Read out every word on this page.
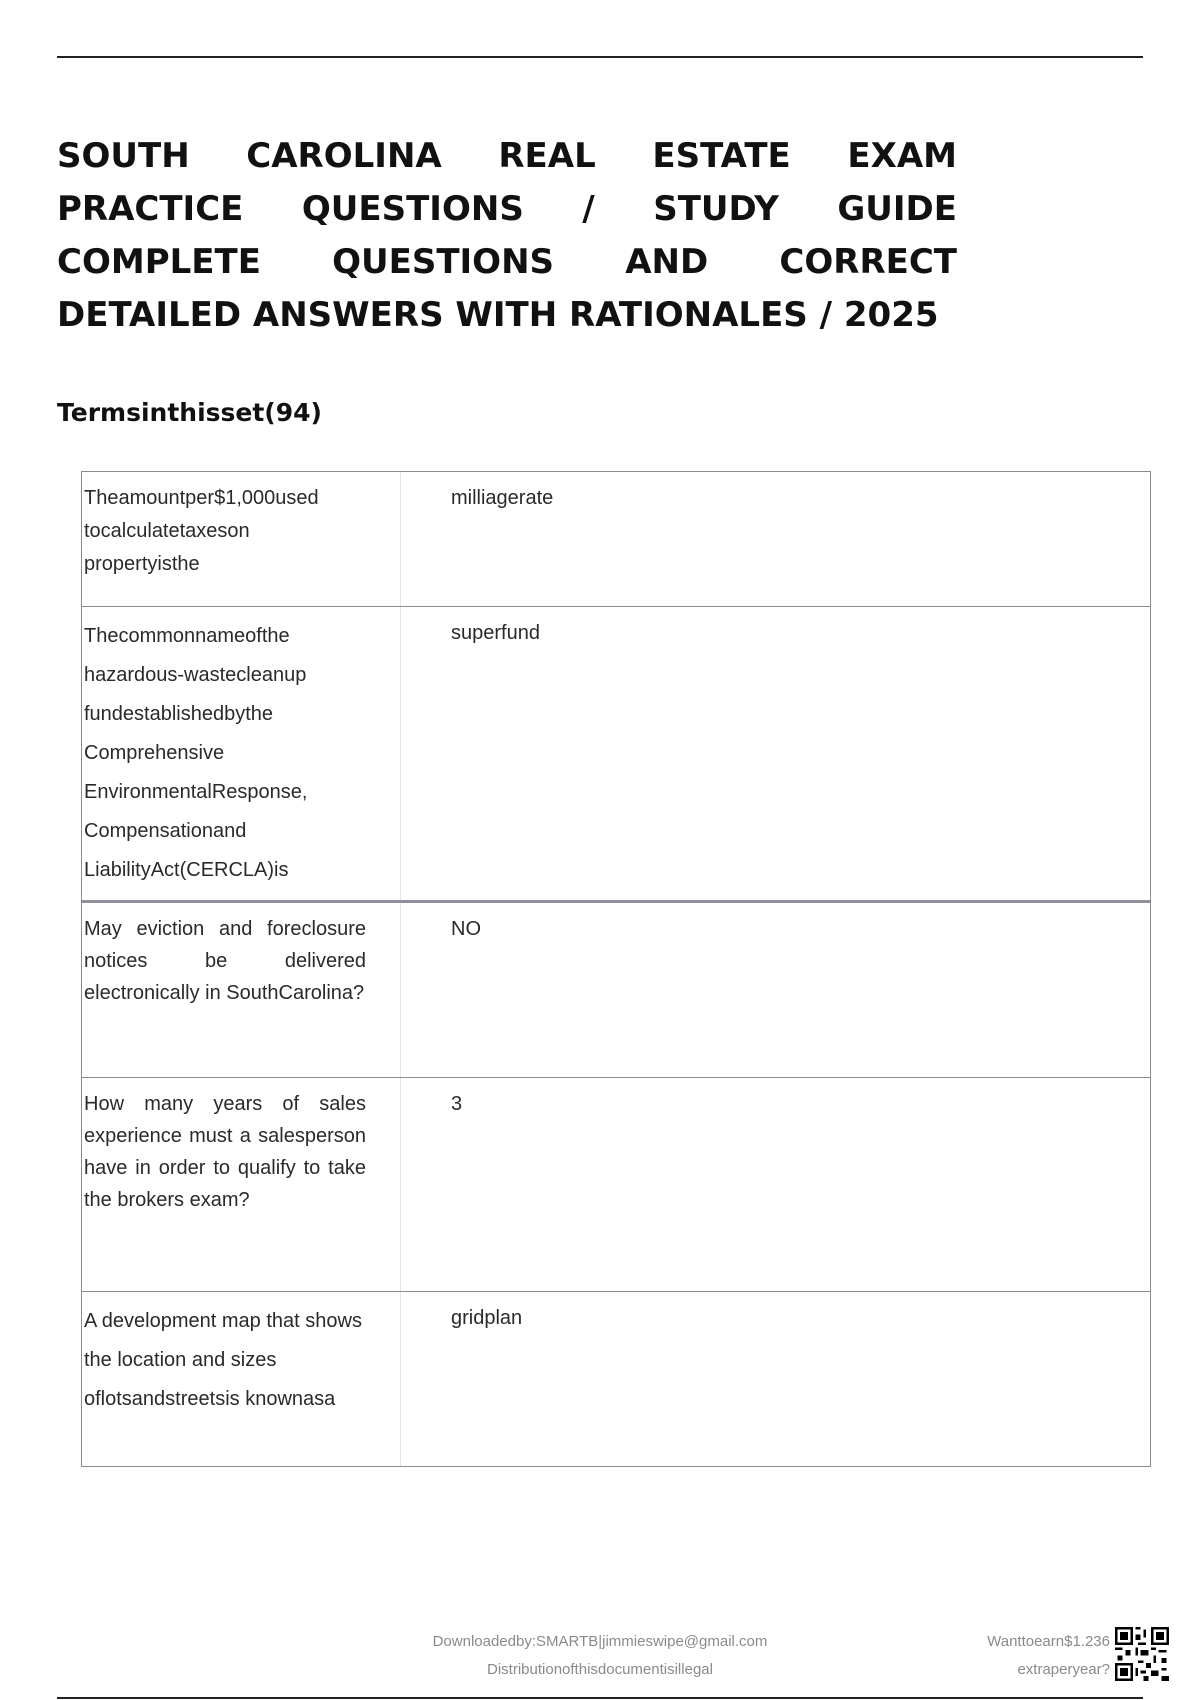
SOUTH CAROLINA REAL ESTATE EXAM PRACTICE QUESTIONS / STUDY GUIDE COMPLETE QUESTIONS AND CORRECT DETAILED ANSWERS WITH RATIONALES / 2025
Termsinthisset(94)
Theamountper$1,000used tocalculatetaxeson propertyisthe
milliagerate
Thecommonnameofthe hazardous-wastecleanup fundestablishedbythe Comprehensive EnvironmentalResponse, Compensationand LiabilityAct(CERCLA)is
superfund
May eviction and foreclosure notices be delivered electronically in SouthCarolina?
NO
How many years of sales experience must a salesperson have in order to qualify to take the brokers exam?
3
A development map that shows the location and sizes oflotsandstreetsis knownasa
gridplan
Downloadedby:SMARTB|jimmieswipe@gmail.com
Distributionofthisdocumentisillegal
Wanttoearn$1.236
extraperyear?
